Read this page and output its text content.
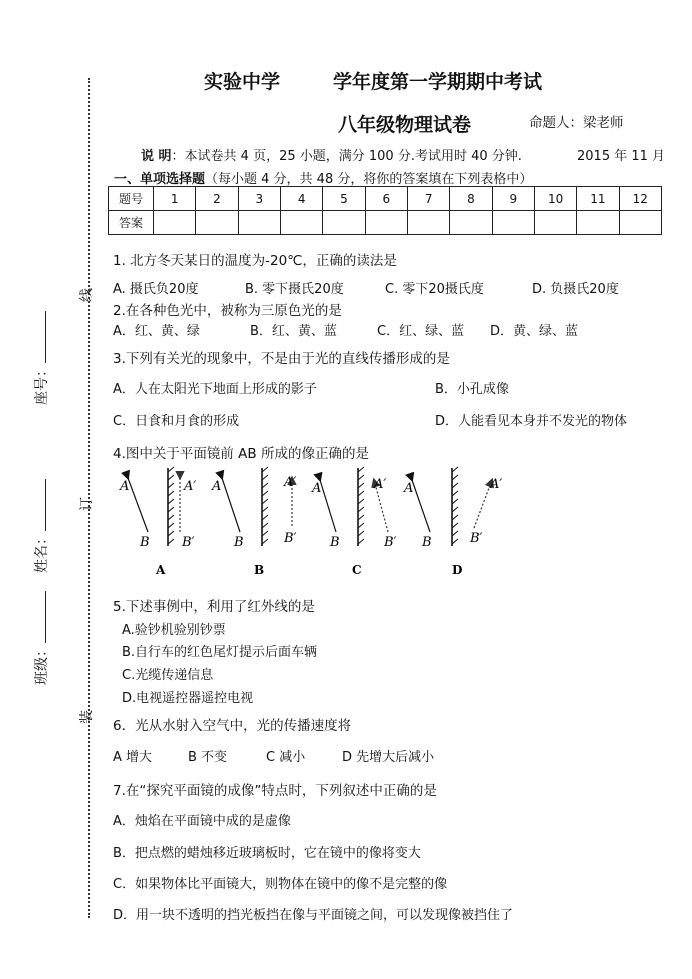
座号：
姓名：
班级：
线
订
装
实验中学	学年度第一学期期中考试
八年级物理试卷	命题人：梁老师
说 明：本试卷共 4 页，25 小题，满分 100 分.考试用时 40 分钟.	2015 年 11 月
一、单项选择题（每小题 4 分，共 48 分，将你的答案填在下列表格中）
题号	1	2	3	4	5	6	7	8	9	10	11	12
答案												
1. 北方冬天某日的温度为-20℃，正确的读法是
A. 摄氏负20度	B. 零下摄氏20度	C. 零下20摄氏度	D. 负摄氏20度
2.在各种色光中，被称为三原色光的是
A．红、黄、绿	B．红、黄、蓝	C．红、绿、蓝 D．黄、绿、蓝
3.下列有关光的现象中，不是由于光的直线传播形成的是
A．人在太阳光下地面上形成的影子	B．小孔成像
C．日食和月食的形成	D．人能看见本身并不发光的物体
4.图中关于平面镜前 AB 所成的像正确的是
A
B
A′
B′
A
A
B
A′
B′
B
A
B
A′
B′
C
A
B
A′
B′
D
5.下述事例中，利用了红外线的是
A.验钞机验别钞票
B.自行车的红色尾灯提示后面车辆
C.光缆传递信息
D.电视遥控器遥控电视
6．光从水射入空气中，光的传播速度将
A 增大	B 不变	C 减小	D 先增大后减小
7.在“探究平面镜的成像”特点时，下列叙述中正确的是
A．烛焰在平面镜中成的是虚像
B．把点燃的蜡烛移近玻璃板时，它在镜中的像将变大
C．如果物体比平面镜大，则物体在镜中的像不是完整的像
D．用一块不透明的挡光板挡在像与平面镜之间，可以发现像被挡住了
